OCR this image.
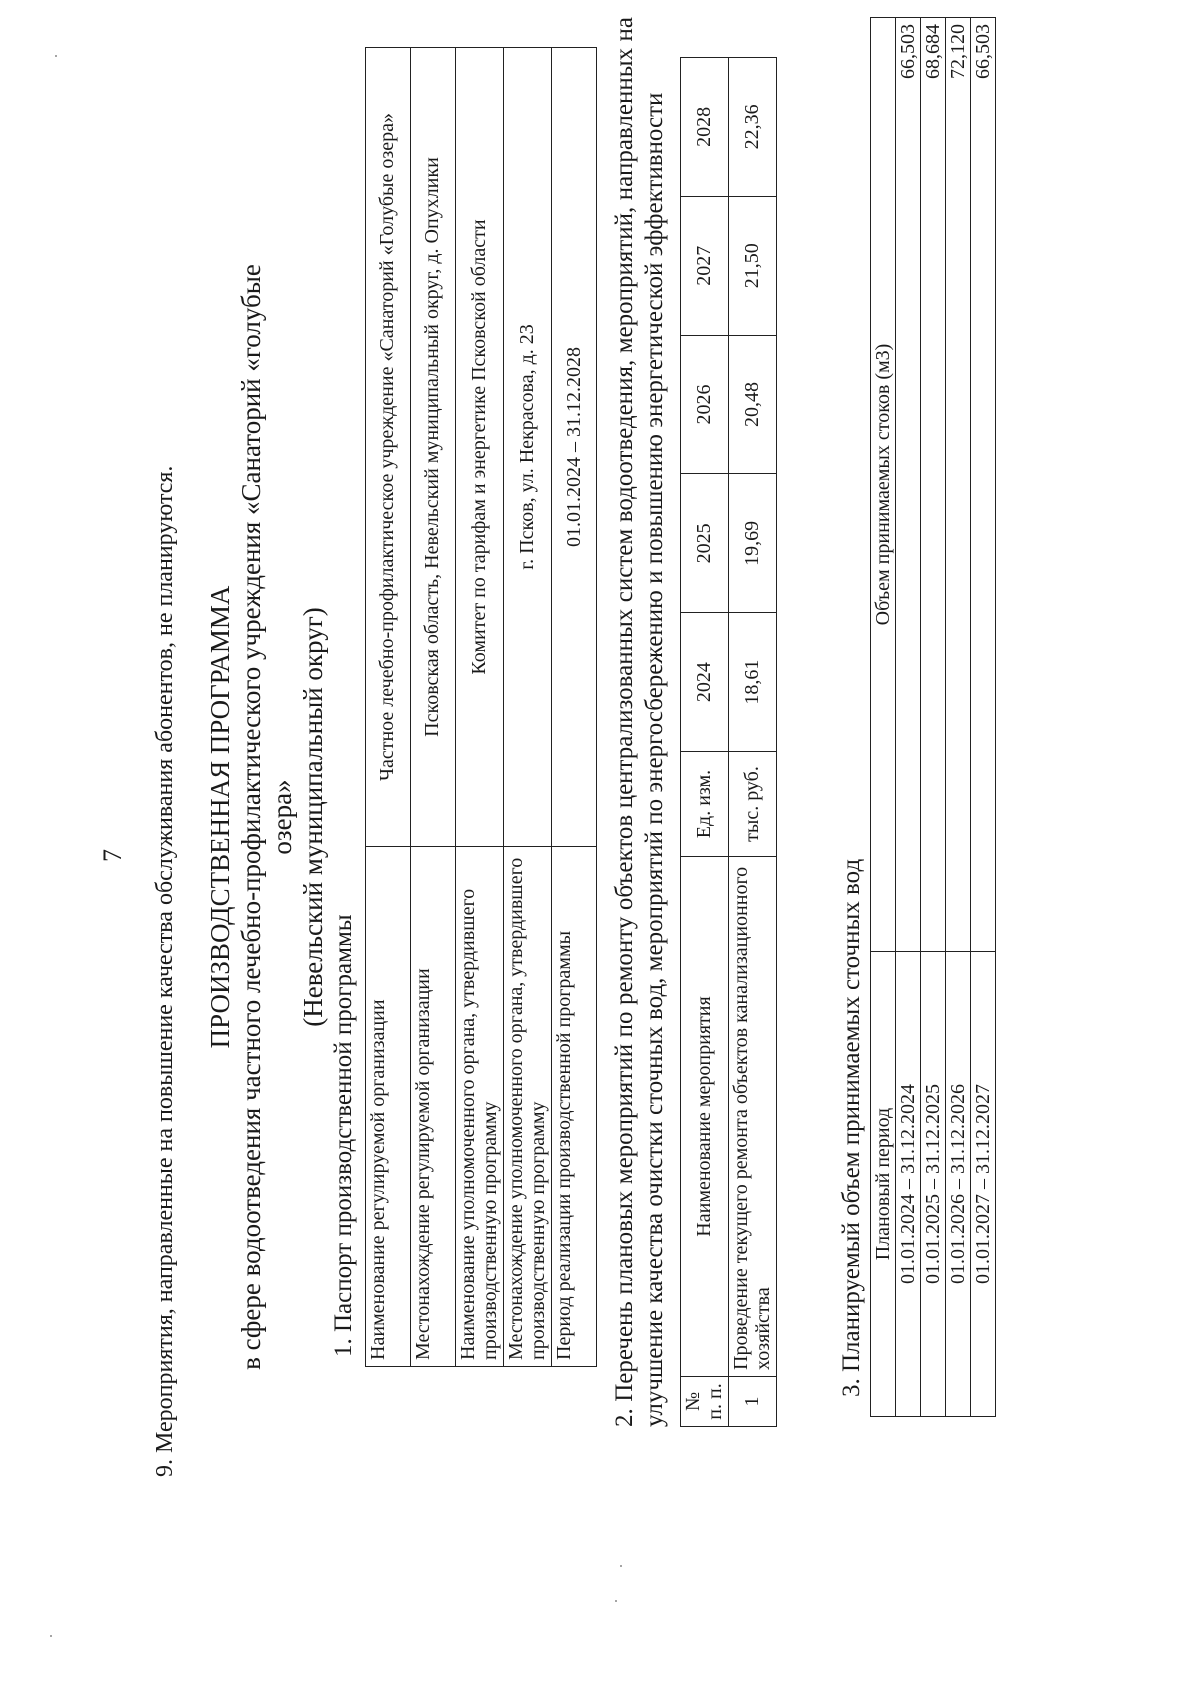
7 9. Мероприятия, направленные на повышение качества обслуживания абонентов, не планируются. ПРОИЗВОДСТВЕННАЯ ПРОГРАММА в сфере водоотведения частного лечебно-профилактического учреждения «Санаторий «голубые озера» (Невельский муниципальный округ)
1. Паспорт производственной программы Наименование регулируемой организации	Частное лечебно-профилактическое учреждение «Санаторий «Голубые озера»
Местонахождение регулируемой организации	Псковская область, Невельский муниципальный округ, д. Опухлики
Наименование уполномоченного органа, утвердившего производственную программу	Комитет по тарифам и энергетике Псковской области
Местонахождение уполномоченного органа, утвердившего производственную программу	г. Псков, ул. Некрасова, д. 23
Период реализации производственной программы	01.01.2024 – 31.12.2028 2. Перечень плановых мероприятий по ремонту объектов централизованных систем водоотведения, мероприятий, направленных на улучшение качества очистки сточных вод, мероприятий по энергосбережению и повышению энергетической эффективности № п. п.	Наименование мероприятия	Ед. изм.	2024	2025	2026	2027	2028
1	Проведение текущего ремонта объектов канализационного хозяйства	тыс. руб.	18,61	19,69	20,48	21,50	22,36
3. Планируемый объем принимаемых сточных вод Плановый период	Объем принимаемых стоков (м3)
01.01.2024 – 31.12.2024	66,503
01.01.2025 – 31.12.2025	68,684
01.01.2026 – 31.12.2026	72,120
01.01.2027 – 31.12.2027	66,503
